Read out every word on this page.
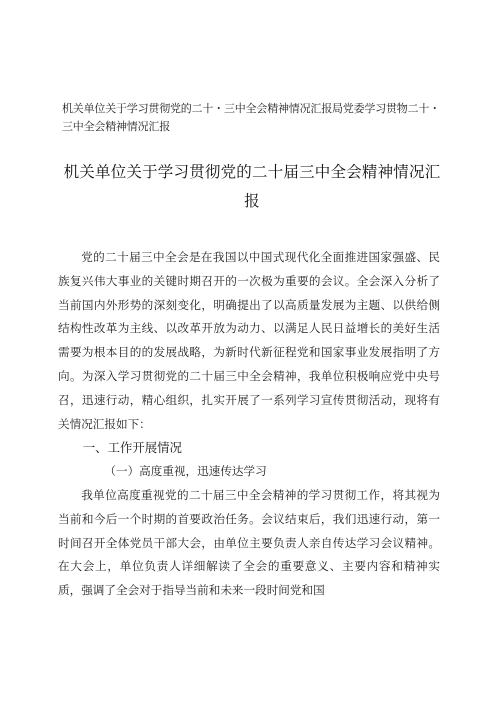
机关单位关于学习贯彻党的二十・三中全会精神情况汇报局党委学习贯物二十・三中全会精神情况汇报
机关单位关于学习贯彻党的二十届三中全会精神情况汇报

党的二十届三中全会是在我国以中国式现代化全面推进国家强盛、民族复兴伟大事业的关键时期召开的一次极为重要的会议。全会深入分析了当前国内外形势的深刻变化，明确提出了以高质量发展为主题、以供给侧结构性改革为主线、以改革开放为动力、以满足人民日益增长的美好生活需要为根本目的的发展战略，为新时代新征程党和国家事业发展指明了方向。为深入学习贯彻党的二十届三中全会精神，我单位积极响应党中央号召，迅速行动，精心组织，扎实开展了一系列学习宣传贯彻活动，现将有关情况汇报如下：

一、工作开展情况

（一）高度重视，迅速传达学习

我单位高度重视党的二十届三中全会精神的学习贯彻工作，将其视为当前和今后一个时期的首要政治任务。会议结束后，我们迅速行动，第一时间召开全体党员干部大会，由单位主要负责人亲自传达学习会议精神。在大会上，单位负责人详细解读了全会的重要意义、主要内容和精神实质，强调了全会对于指导当前和未来一段时间党和国
